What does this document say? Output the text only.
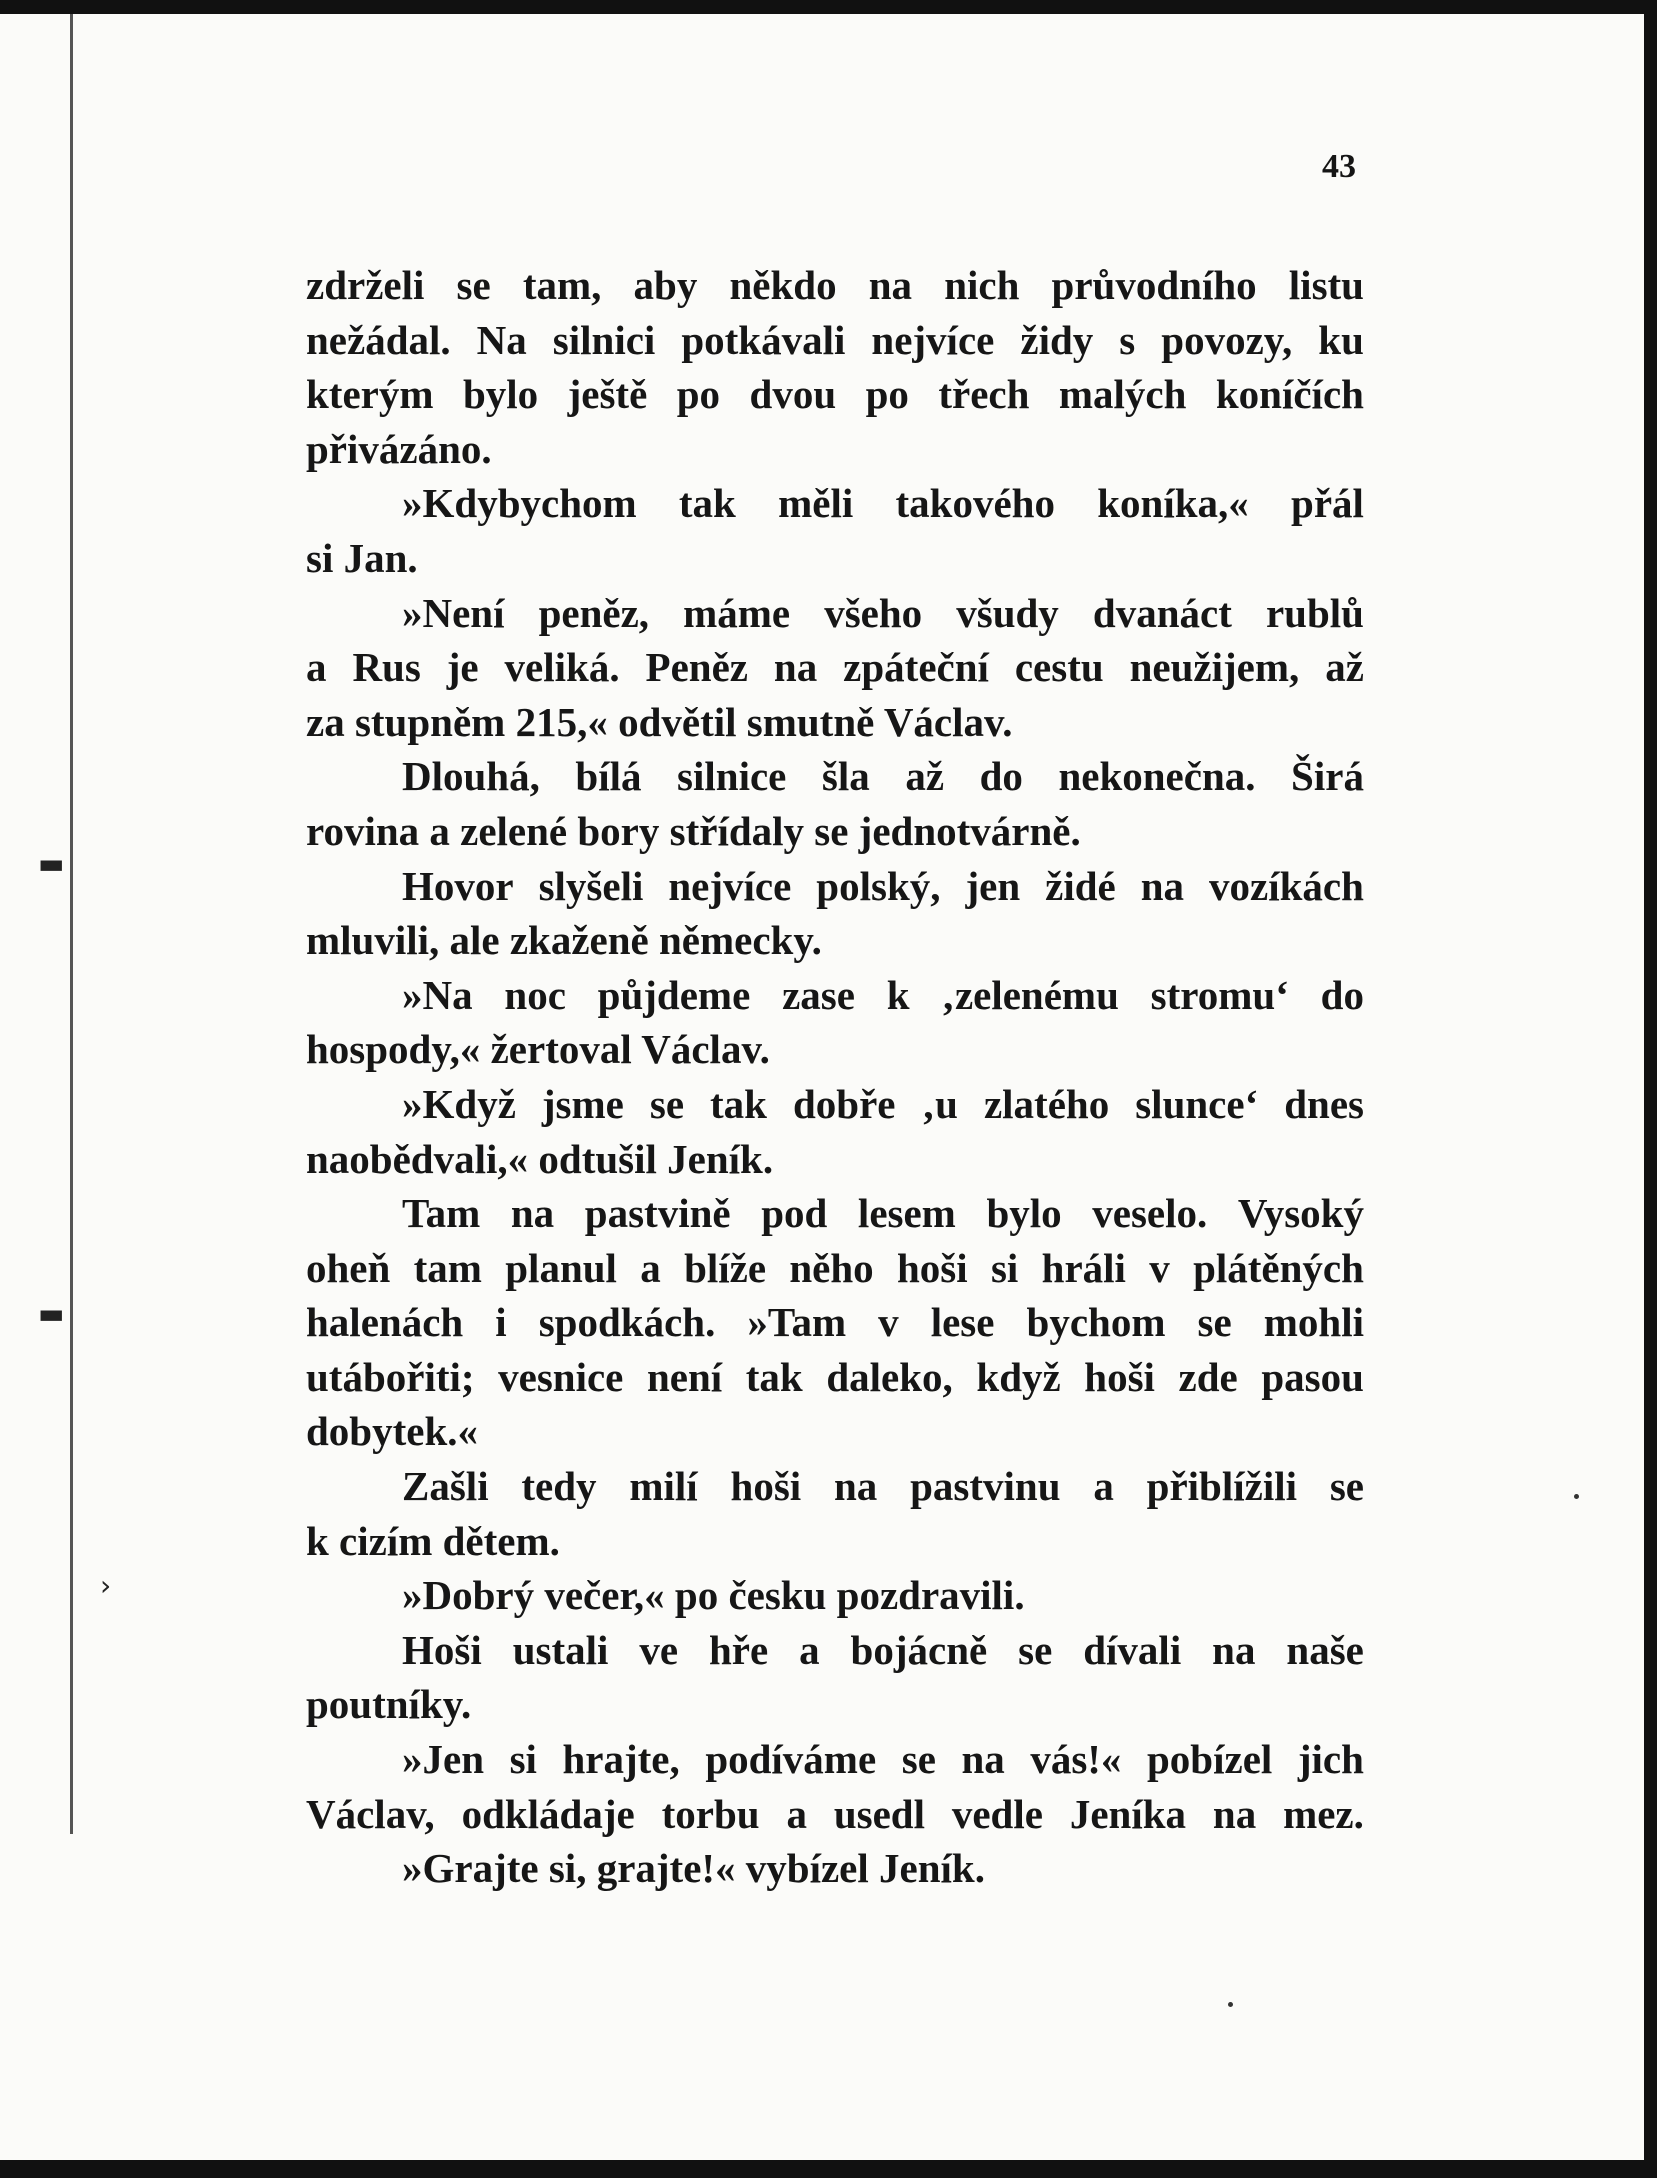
▬
▬
›
43
zdrželi se tam, aby někdo na nich průvodního listu
nežádal. Na silnici potkávali nejvíce židy s povozy, ku
kterým bylo ještě po dvou po třech malých koníčích
přivázáno.
»Kdybychom tak měli takového koníka,« přál
si Jan.
»Není peněz, máme všeho všudy dvanáct rublů
a Rus je veliká. Peněz na zpáteční cestu neužijem, až
za stupněm 215,« odvětil smutně Václav.
Dlouhá, bílá silnice šla až do nekonečna. Širá
rovina a zelené bory střídaly se jednotvárně.
Hovor slyšeli nejvíce polský, jen židé na vozíkách
mluvili, ale zkaženě německy.
»Na noc půjdeme zase k ‚zelenému stromu‘ do
hospody,« žertoval Václav.
»Když jsme se tak dobře ‚u zlatého slunce‘ dnes
naobědvali,« odtušil Jeník.
Tam na pastvině pod lesem bylo veselo. Vysoký
oheň tam planul a blíže něho hoši si hráli v plátěných
halenách i spodkách. »Tam v lese bychom se mohli
utábořiti; vesnice není tak daleko, když hoši zde pasou
dobytek.«
Zašli tedy milí hoši na pastvinu a přiblížili se
k cizím dětem.
»Dobrý večer,« po česku pozdravili.
Hoši ustali ve hře a bojácně se dívali na naše
poutníky.
»Jen si hrajte, podíváme se na vás!« pobízel jich
Václav, odkládaje torbu a usedl vedle Jeníka na mez.
»Grajte si, grajte!« vybízel Jeník.
